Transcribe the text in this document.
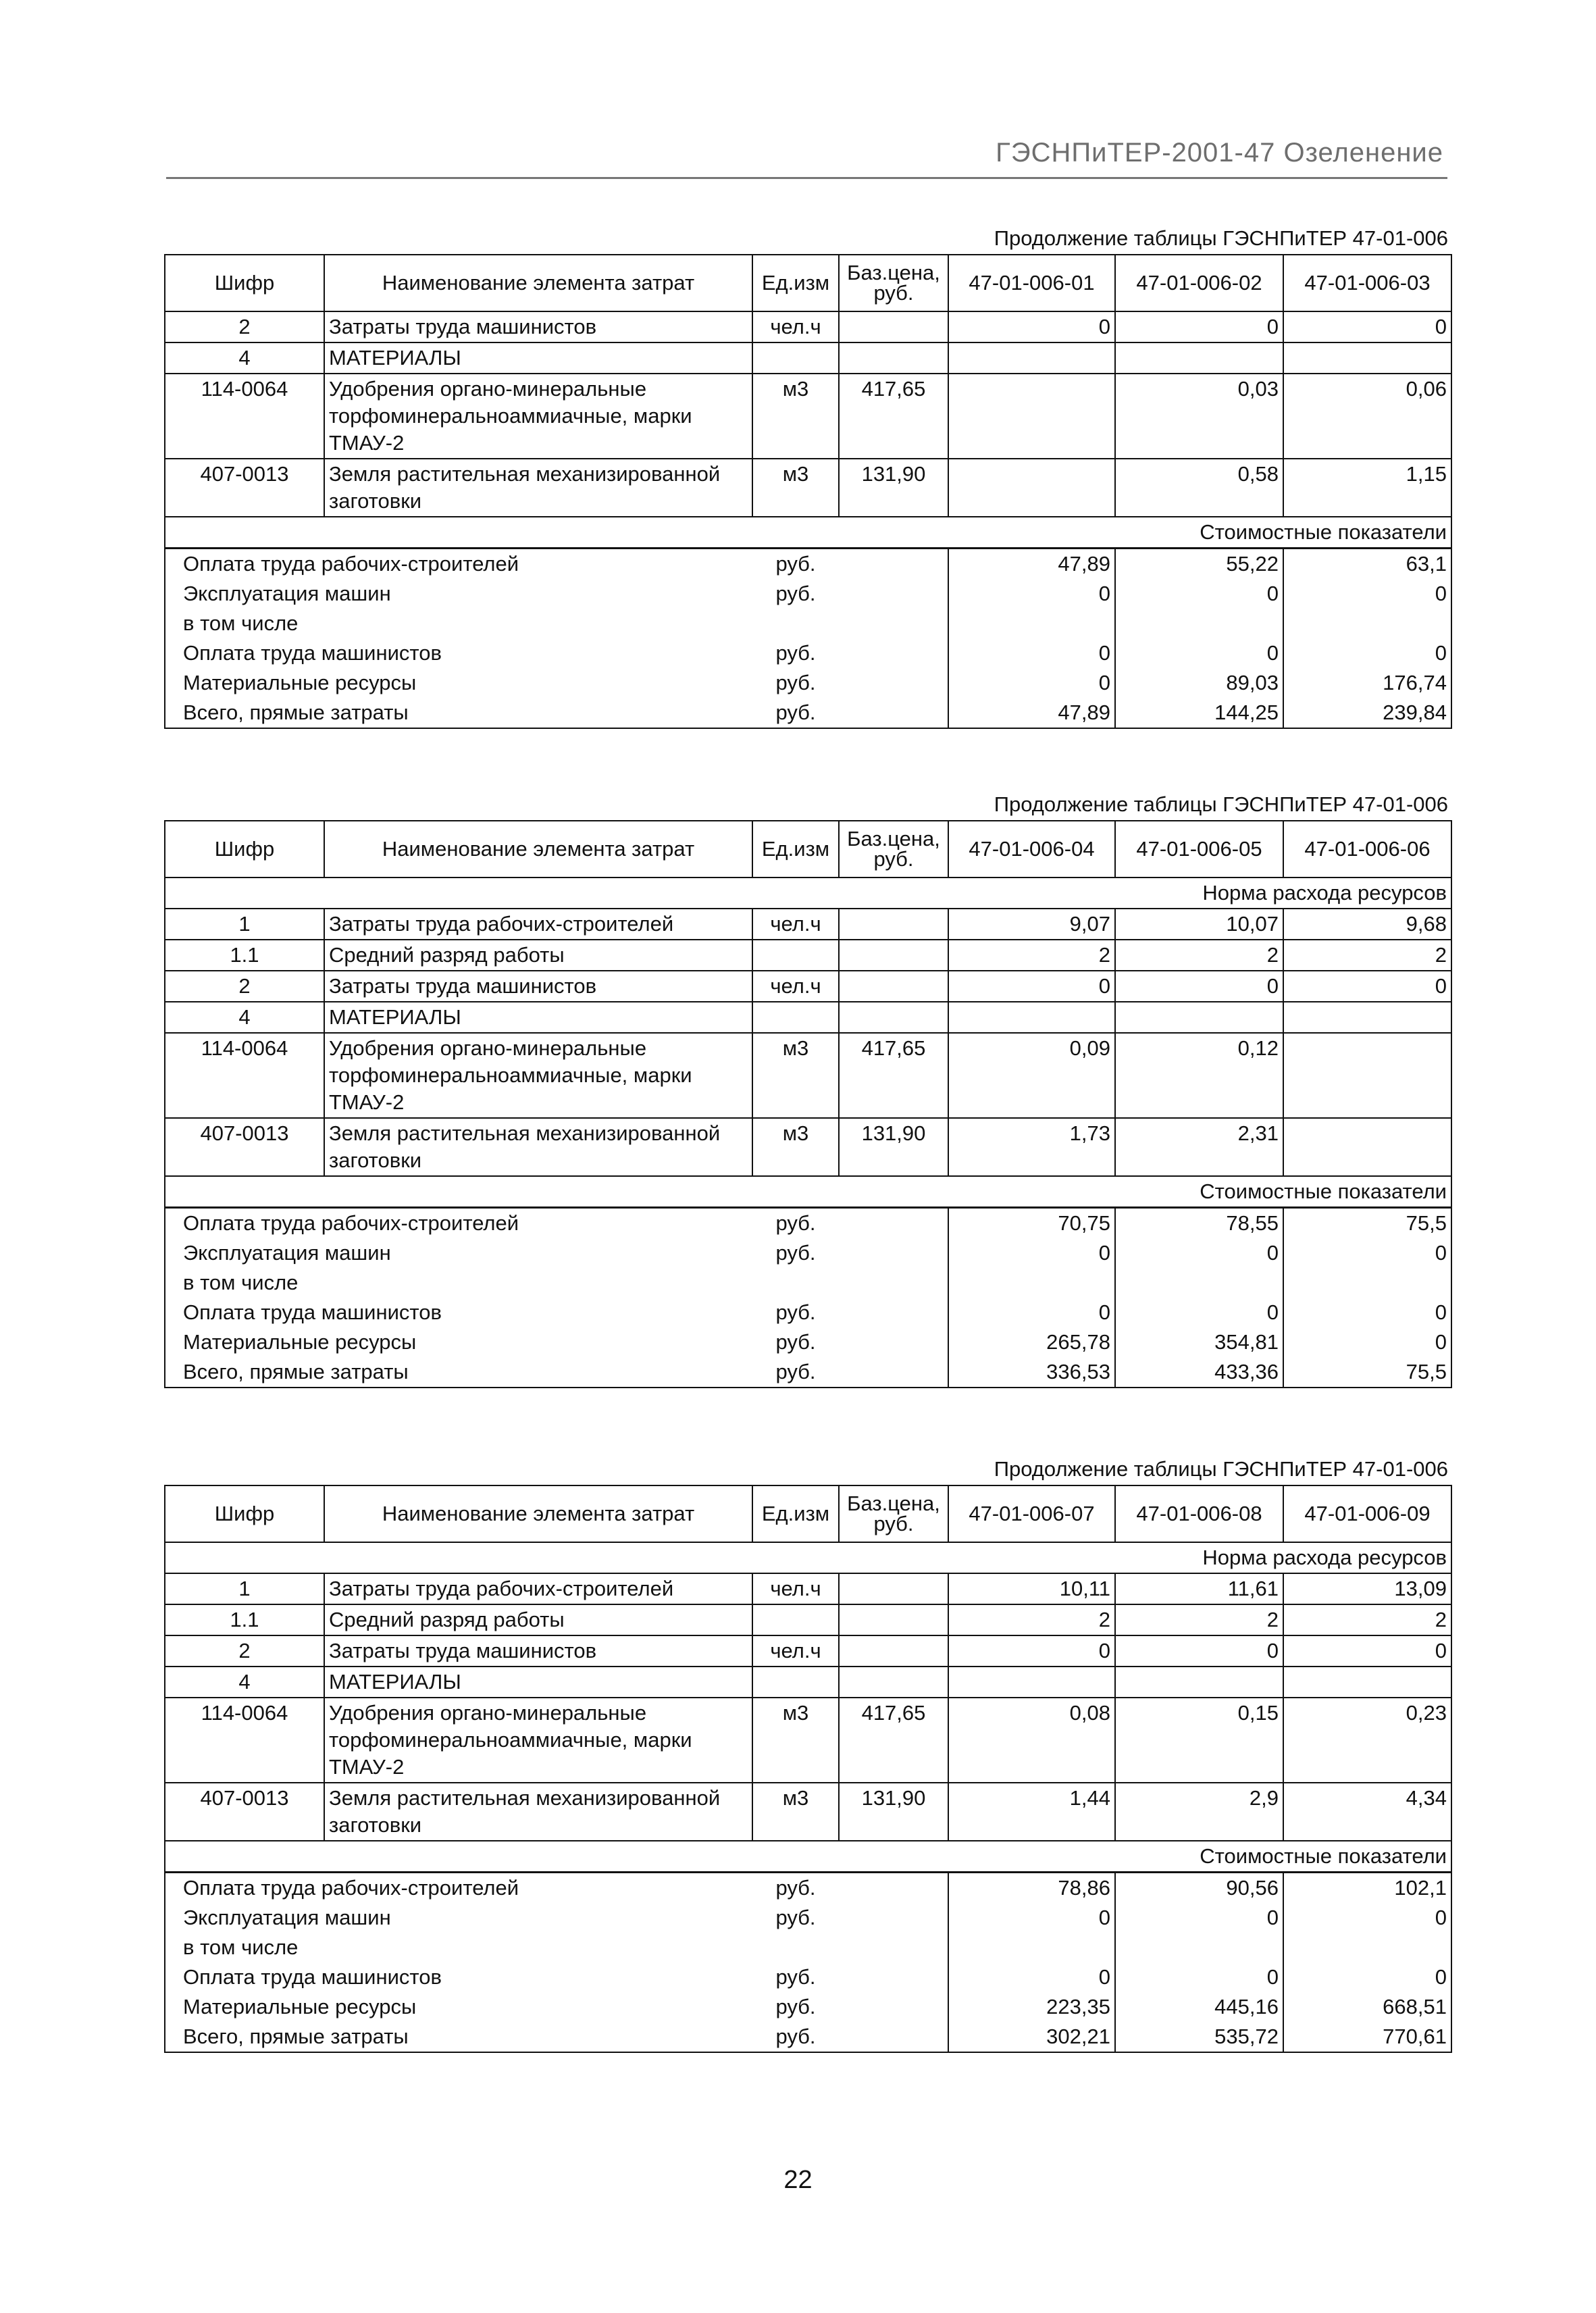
ГЭСНПиТЕР-2001-47 Озеленение
Продолжение таблицы ГЭСНПиТЕР 47-01-006
Шифр	Наименование элемента затрат	Ед.изм	Баз.цена, руб.	47-01-006-01	47-01-006-02	47-01-006-03
2	Затраты труда машинистов	чел.ч		0	0	0
4	МАТЕРИАЛЫ					
114-0064	Удобрения органо-минеральные торфоминеральноаммиачные, марки ТМАУ-2	м3	417,65		0,03	0,06
407-0013	Земля растительная механизированной заготовки	м3	131,90		0,58	1,15
Стоимостные показатели						
Оплата труда рабочих-строителей		руб.		47,89	55,22	63,1
Эксплуатация машин		руб.		0	0	0
в том числе						
Оплата труда машинистов		руб.		0	0	0
Материальные ресурсы		руб.		0	89,03	176,74
Всего, прямые затраты		руб.		47,89	144,25	239,84
Продолжение таблицы ГЭСНПиТЕР 47-01-006
Шифр	Наименование элемента затрат	Ед.изм	Баз.цена, руб.	47-01-006-04	47-01-006-05	47-01-006-06
Норма расхода ресурсов						
1	Затраты труда рабочих-строителей	чел.ч		9,07	10,07	9,68
1.1	Средний разряд работы			2	2	2
2	Затраты труда машинистов	чел.ч		0	0	0
4	МАТЕРИАЛЫ					
114-0064	Удобрения органо-минеральные торфоминеральноаммиачные, марки ТМАУ-2	м3	417,65	0,09	0,12	
407-0013	Земля растительная механизированной заготовки	м3	131,90	1,73	2,31	
Стоимостные показатели						
Оплата труда рабочих-строителей		руб.		70,75	78,55	75,5
Эксплуатация машин		руб.		0	0	0
в том числе						
Оплата труда машинистов		руб.		0	0	0
Материальные ресурсы		руб.		265,78	354,81	0
Всего, прямые затраты		руб.		336,53	433,36	75,5
Продолжение таблицы ГЭСНПиТЕР 47-01-006
Шифр	Наименование элемента затрат	Ед.изм	Баз.цена, руб.	47-01-006-07	47-01-006-08	47-01-006-09
Норма расхода ресурсов						
1	Затраты труда рабочих-строителей	чел.ч		10,11	11,61	13,09
1.1	Средний разряд работы			2	2	2
2	Затраты труда машинистов	чел.ч		0	0	0
4	МАТЕРИАЛЫ					
114-0064	Удобрения органо-минеральные торфоминеральноаммиачные, марки ТМАУ-2	м3	417,65	0,08	0,15	0,23
407-0013	Земля растительная механизированной заготовки	м3	131,90	1,44	2,9	4,34
Стоимостные показатели						
Оплата труда рабочих-строителей		руб.		78,86	90,56	102,1
Эксплуатация машин		руб.		0	0	0
в том числе						
Оплата труда машинистов		руб.		0	0	0
Материальные ресурсы		руб.		223,35	445,16	668,51
Всего, прямые затраты		руб.		302,21	535,72	770,61
22
